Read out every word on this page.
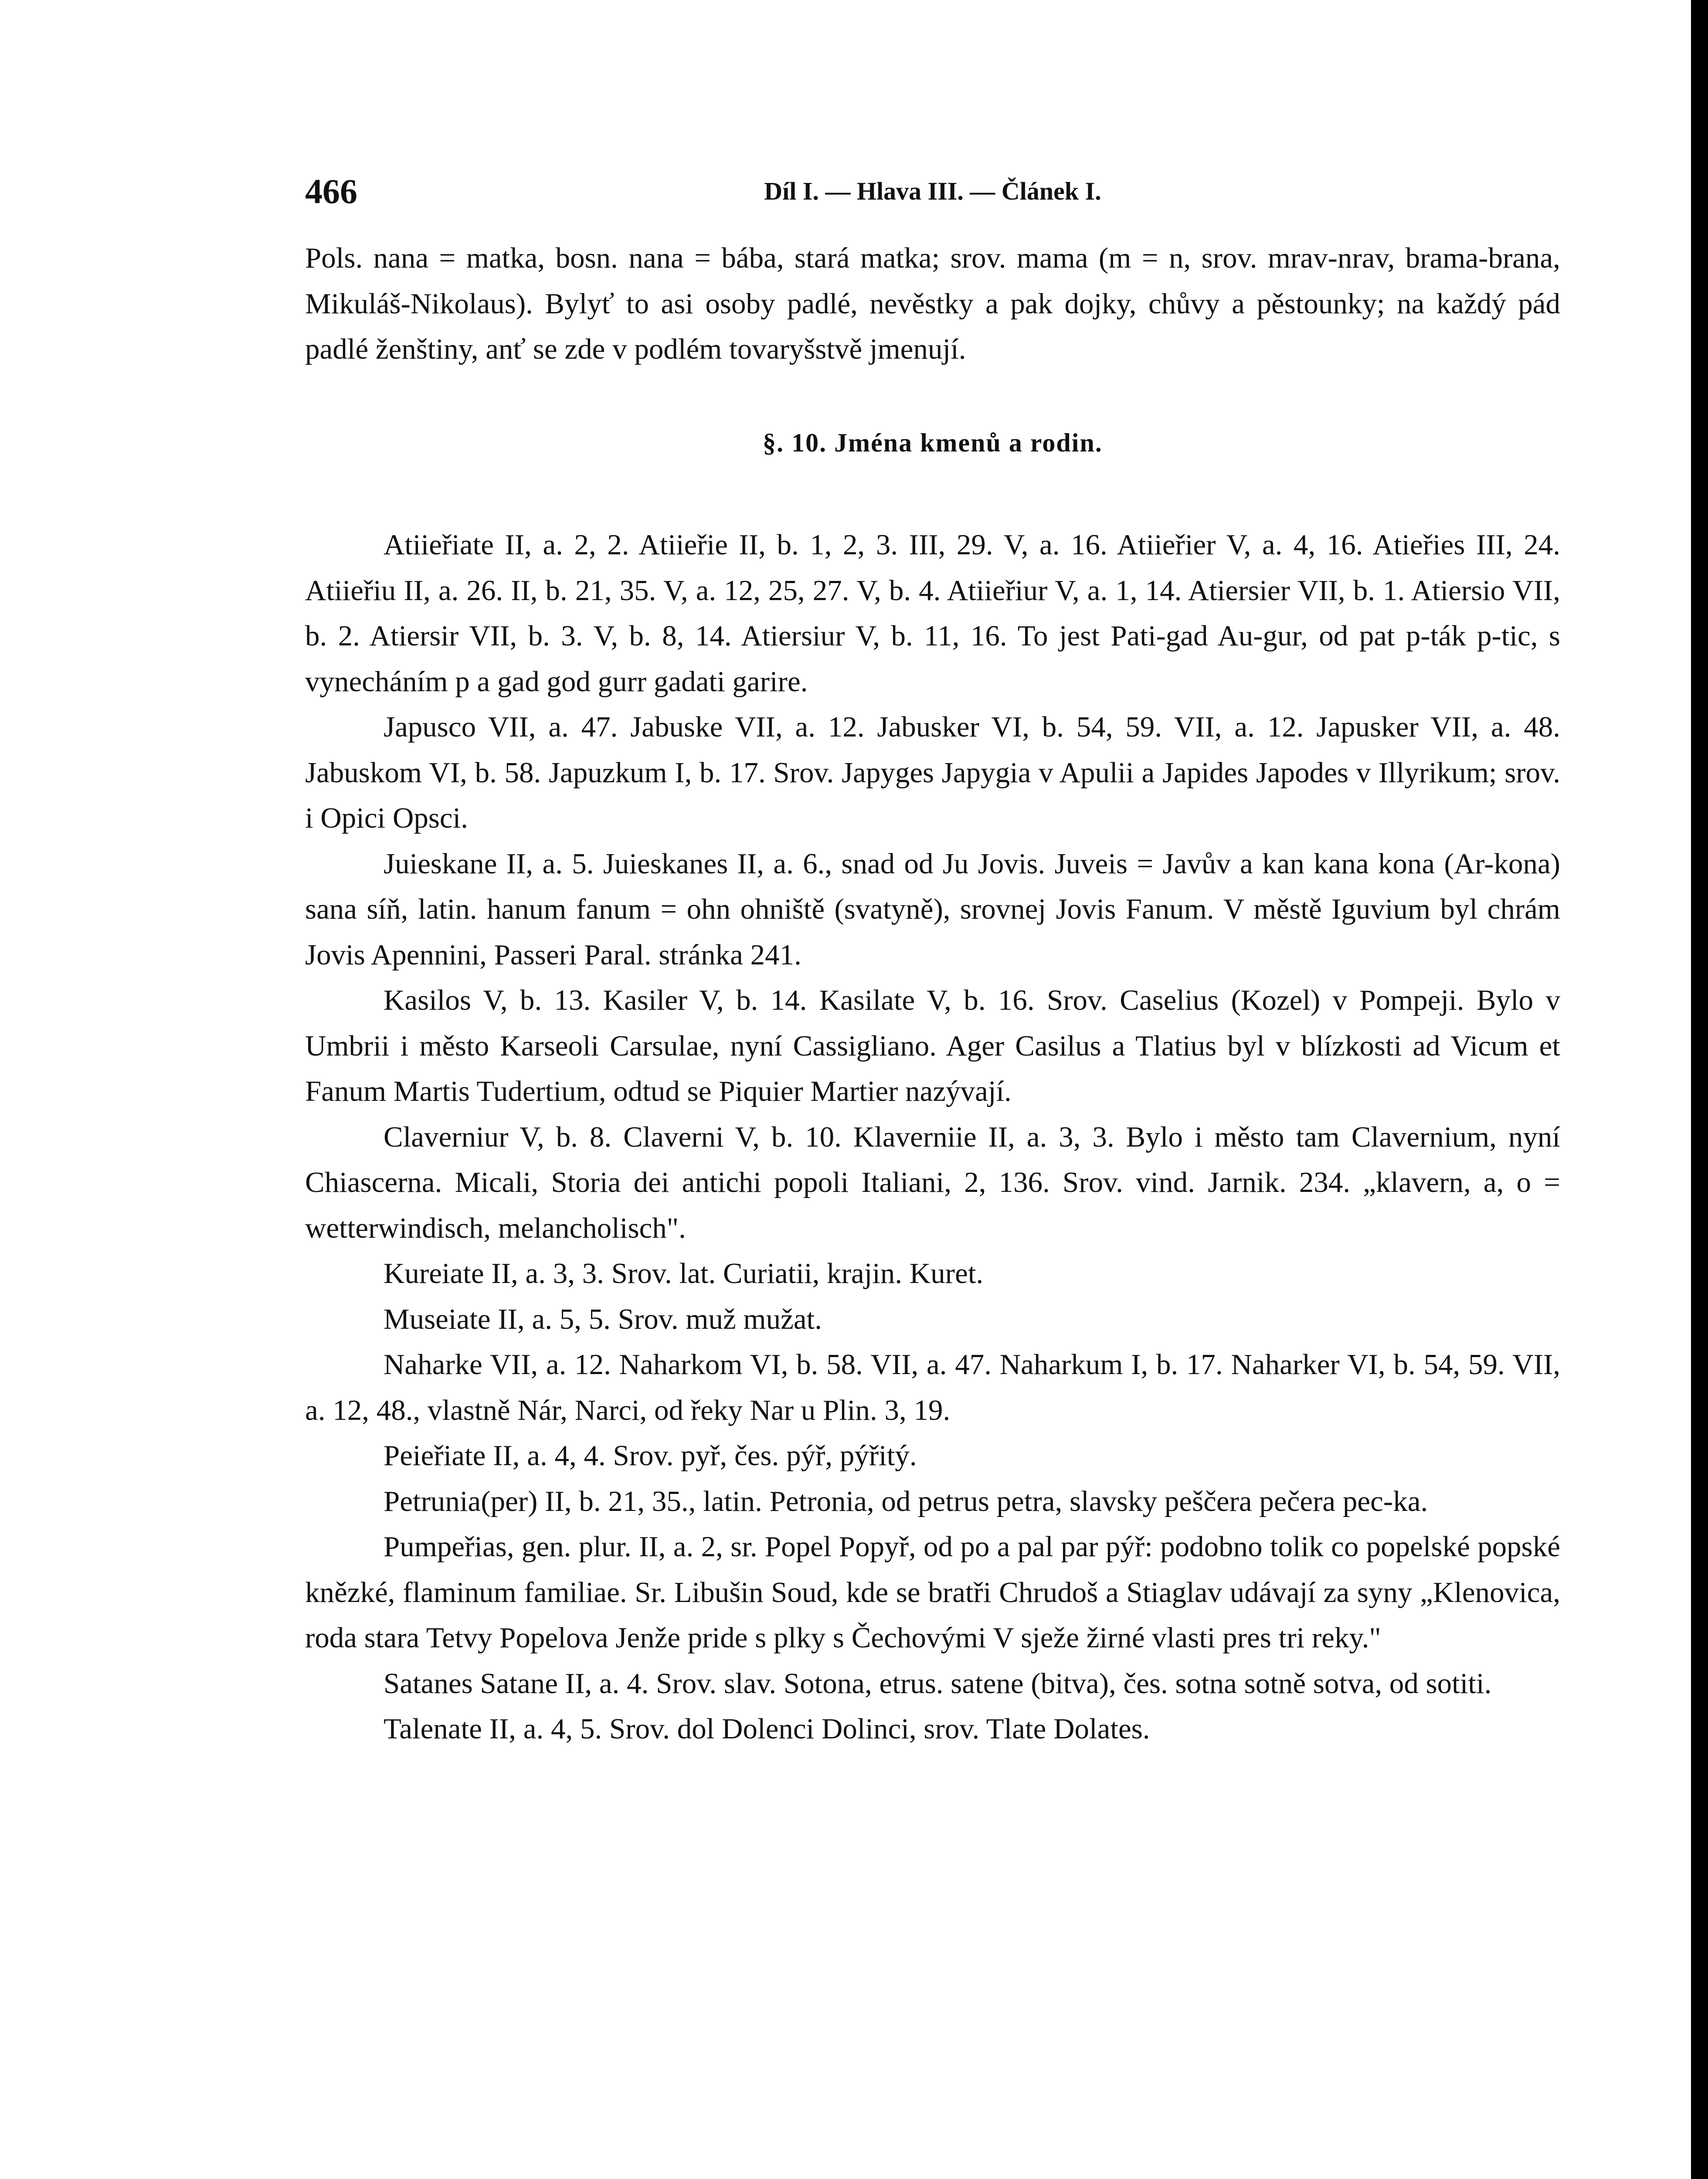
466	Díl I. — Hlava III. — Článek I.

Pols. nana = matka, bosn. nana = bába, stará matka; srov. mama (m = n, srov. mrav-nrav, brama-brana, Mikuláš-Nikolaus). Bylyť to asi osoby padlé, nevěstky a pak dojky, chůvy a pěstounky; na každý pád padlé ženštiny, anť se zde v podlém tovaryšstvě jmenují.

§. 10. Jména kmenů a rodin.

Atiieřiate II, a. 2, 2. Atiieřie II, b. 1, 2, 3. III, 29. V, a. 16. Atiieřier V, a. 4, 16. Atieřies III, 24. Atiieřiu II, a. 26. II, b. 21, 35. V, a. 12, 25, 27. V, b. 4. Atiieřiur V, a. 1, 14. Atiersier VII, b. 1. Atiersio VII, b. 2. Atiersir VII, b. 3. V, b. 8, 14. Atiersiur V, b. 11, 16. To jest Pati-gad Au-gur, od pat p-ták p-tic, s vynecháním p a gad god gurr gadati garire.

Japusco VII, a. 47. Jabuske VII, a. 12. Jabusker VI, b. 54, 59. VII, a. 12. Japusker VII, a. 48. Jabuskom VI, b. 58. Japuzkum I, b. 17. Srov. Japyges Japygia v Apulii a Japides Japodes v Illyrikum; srov. i Opici Opsci.

Juieskane II, a. 5. Juieskanes II, a. 6., snad od Ju Jovis. Juveis = Javův a kan kana kona (Ar-kona) sana síň, latin. hanum fanum = ohn ohniště (svatyně), srovnej Jovis Fanum. V městě Iguvium byl chrám Jovis Apennini, Passeri Paral. stránka 241.

Kasilos V, b. 13. Kasiler V, b. 14. Kasilate V, b. 16. Srov. Caselius (Kozel) v Pompeji. Bylo v Umbrii i město Karseoli Carsulae, nyní Cassigliano. Ager Casilus a Tlatius byl v blízkosti ad Vicum et Fanum Martis Tudertium, odtud se Piquier Martier nazývají.

Claverniur V, b. 8. Claverni V, b. 10. Klaverniie II, a. 3, 3. Bylo i město tam Clavernium, nyní Chiascerna. Micali, Storia dei antichi popoli Italiani, 2, 136. Srov. vind. Jarnik. 234. „klavern, a, o = wetterwindisch, melancholisch".

Kureiate II, a. 3, 3. Srov. lat. Curiatii, krajin. Kuret.

Museiate II, a. 5, 5. Srov. muž mužat.

Naharke VII, a. 12. Naharkom VI, b. 58. VII, a. 47. Naharkum I, b. 17. Naharker VI, b. 54, 59. VII, a. 12, 48., vlastně Nár, Narci, od řeky Nar u Plin. 3, 19.

Peieřiate II, a. 4, 4. Srov. pyř, čes. pýř, pýřitý.

Petrunia(per) II, b. 21, 35., latin. Petronia, od petrus petra, slavsky peščera pečera pec-ka.

Pumpeřias, gen. plur. II, a. 2, sr. Popel Popyř, od po a pal par pýř: podobno tolik co popelské popské knězké, flaminum familiae. Sr. Libušin Soud, kde se bratři Chrudoš a Stiaglav udávají za syny „Klenovica, roda stara Tetvy Popelova Jenže pride s plky s Čechovými V sježe žirné vlasti pres tri reky."

Satanes Satane II, a. 4. Srov. slav. Sotona, etrus. satene (bitva), čes. sotna sotně sotva, od sotiti.

Talenate II, a. 4, 5. Srov. dol Dolenci Dolinci, srov. Tlate Dolates.
